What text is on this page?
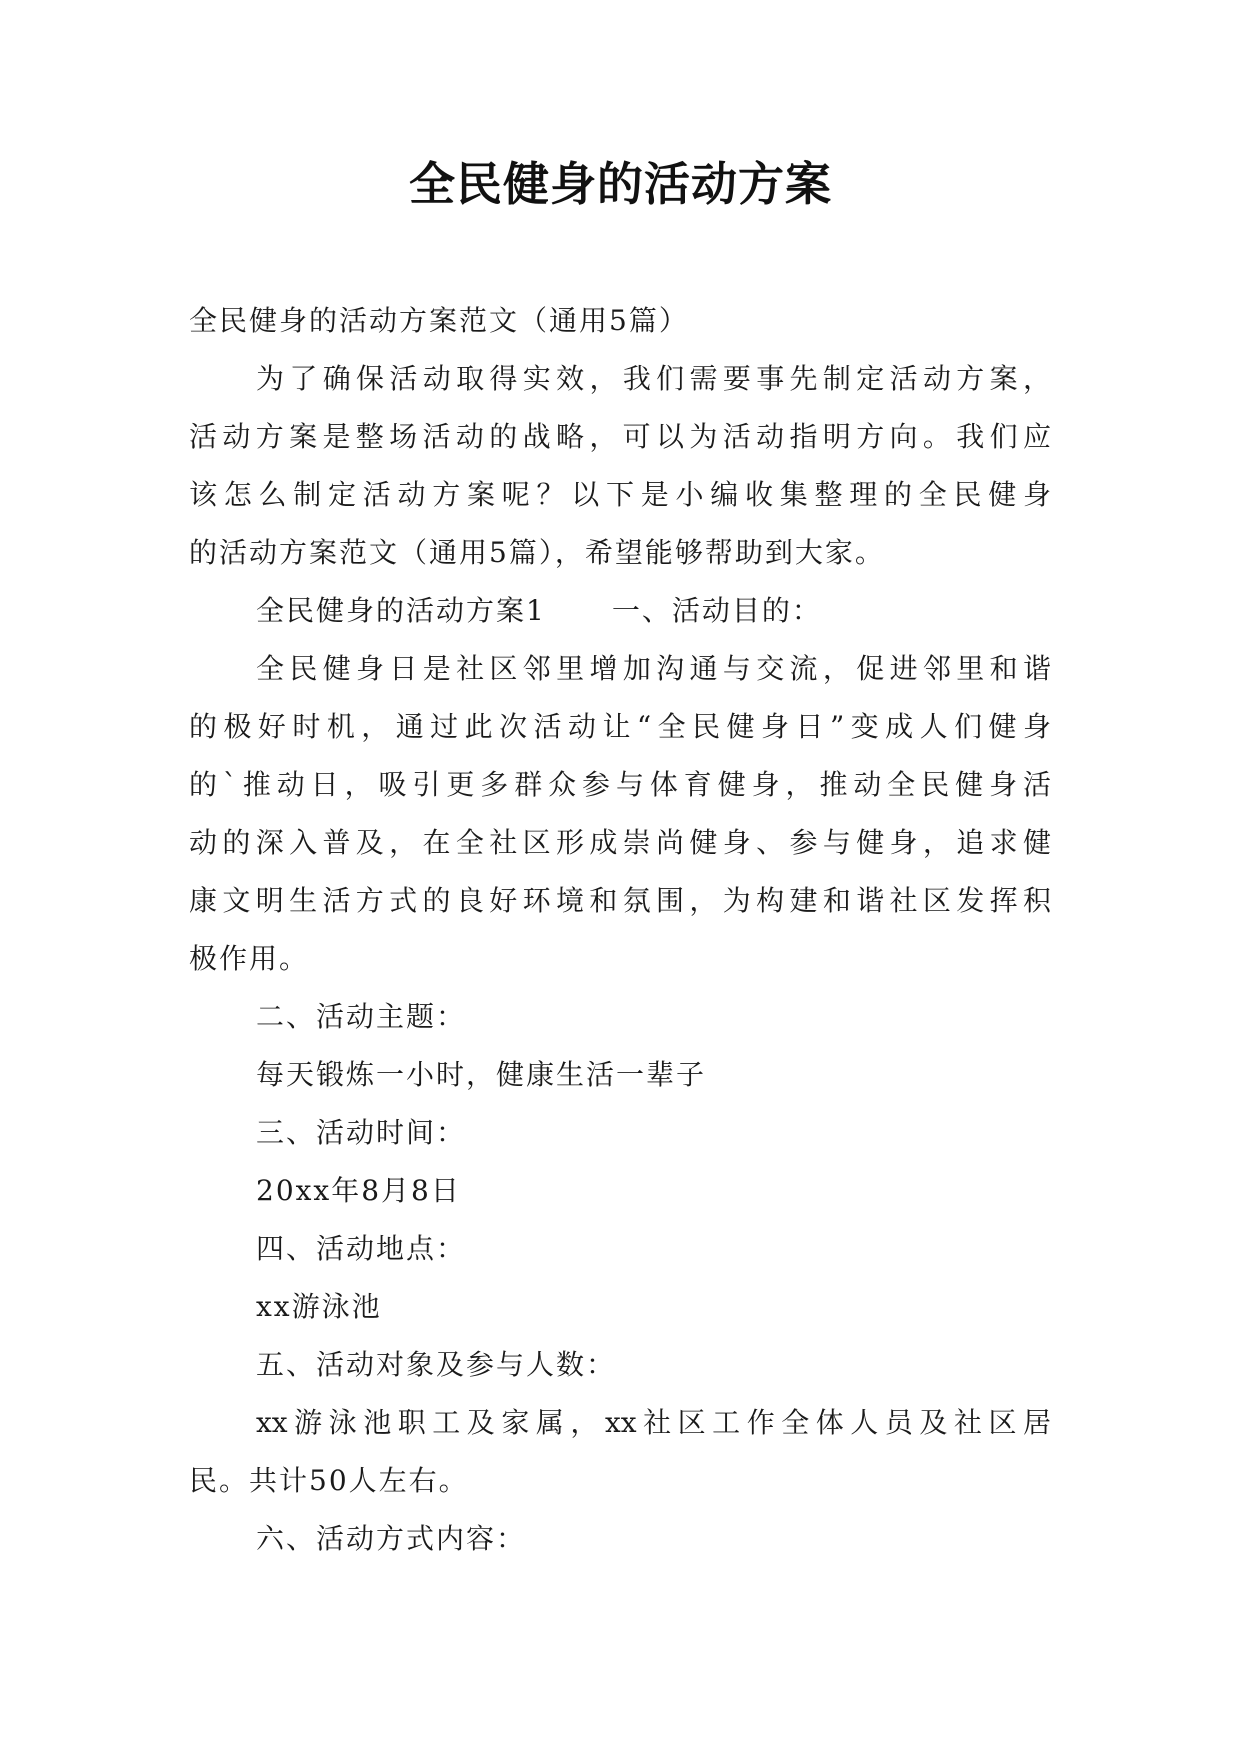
全民健身的活动方案
全民健身的活动方案范文（通用5篇）
为了确保活动取得实效，我们需要事先制定活动方案，
活动方案是整场活动的战略，可以为活动指明方向。我们应
该怎么制定活动方案呢？以下是小编收集整理的全民健身
的活动方案范文（通用5篇），希望能够帮助到大家。
全民健身的活动方案1 一、活动目的：
全民健身日是社区邻里增加沟通与交流，促进邻里和谐
的极好时机，通过此次活动让“全民健身日”变成人们健身
的`推动日，吸引更多群众参与体育健身，推动全民健身活
动的深入普及，在全社区形成崇尚健身、参与健身，追求健
康文明生活方式的良好环境和氛围，为构建和谐社区发挥积
极作用。
二、活动主题：
每天锻炼一小时，健康生活一辈子
三、活动时间：
20xx年8月8日
四、活动地点：
xx游泳池
五、活动对象及参与人数：
xx游泳池职工及家属，xx社区工作全体人员及社区居
民。共计50人左右。
六、活动方式内容：
